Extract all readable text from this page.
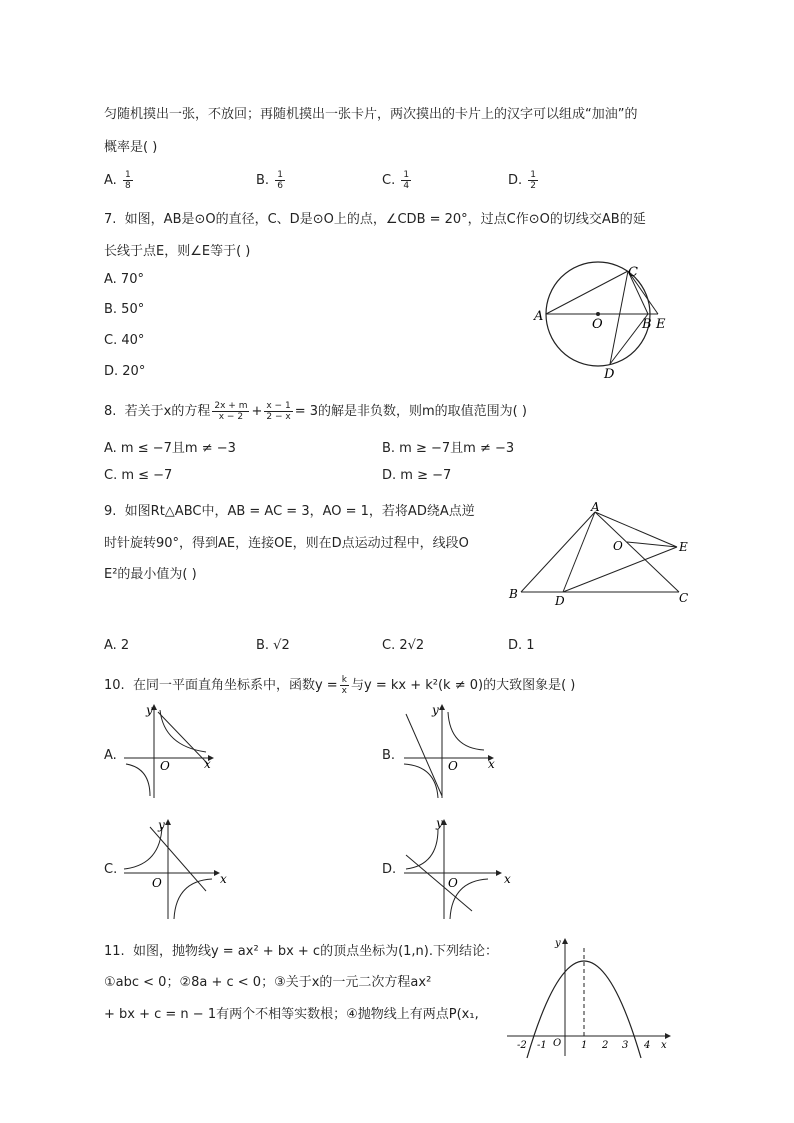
匀随机摸出一张，不放回；再随机摸出一张卡片，两次摸出的卡片上的汉字可以组成“加油”的
概率是( )
A. $\frac{1}{8}$	B. $\frac{1}{6}$	C. $\frac{1}{4}$	D. $\frac{1}{2}$
7. 如图，AB是⊙O的直径，C、D是⊙O上的点，∠CDB = 20°，过点C作⊙O的切线交AB的延
长线于点E，则∠E等于( )
A. 70°
B. 50°
C. 40°
D. 20°
A
O	B E
C
D
8. 若关于x的方程 $\frac{2x + m}{x - 2} + \frac{x - 1}{2 - x} = 3$的解是非负数，则m的取值范围为( )
A. m ≤ −7且m ≠ −3	B. m ≥ −7且m ≠ −3
C. m ≤ −7	D. m ≥ −7
9. 如图Rt△ABC中，AB = AC = 3，AO = 1，若将AD绕A点逆
时针旋转90°，得到AE，连接OE，则在D点运动过程中，线段O
E²的最小值为( )
A
O	E
B	D	C
A. 2	B. √2	C. 2√2	D. 1
10. 在同一平面直角坐标系中，函数$y = \frac{k}{x}$ 与y = kx + k²(k ≠ 0)的大致图象是( )
A.
y
x
O
B.
y
x
O
C.
y
x
O
D.
y
x
O
11. 如图，抛物线y = ax² + bx + c的顶点坐标为(1,n).下列结论：
①abc < 0；②8a + c < 0；③关于x的一元二次方程ax²
+ bx + c = n − 1有两个不相等实数根；④抛物线上有两点P(x₁,
y
x
-2 -1 O 1 2 3 4
